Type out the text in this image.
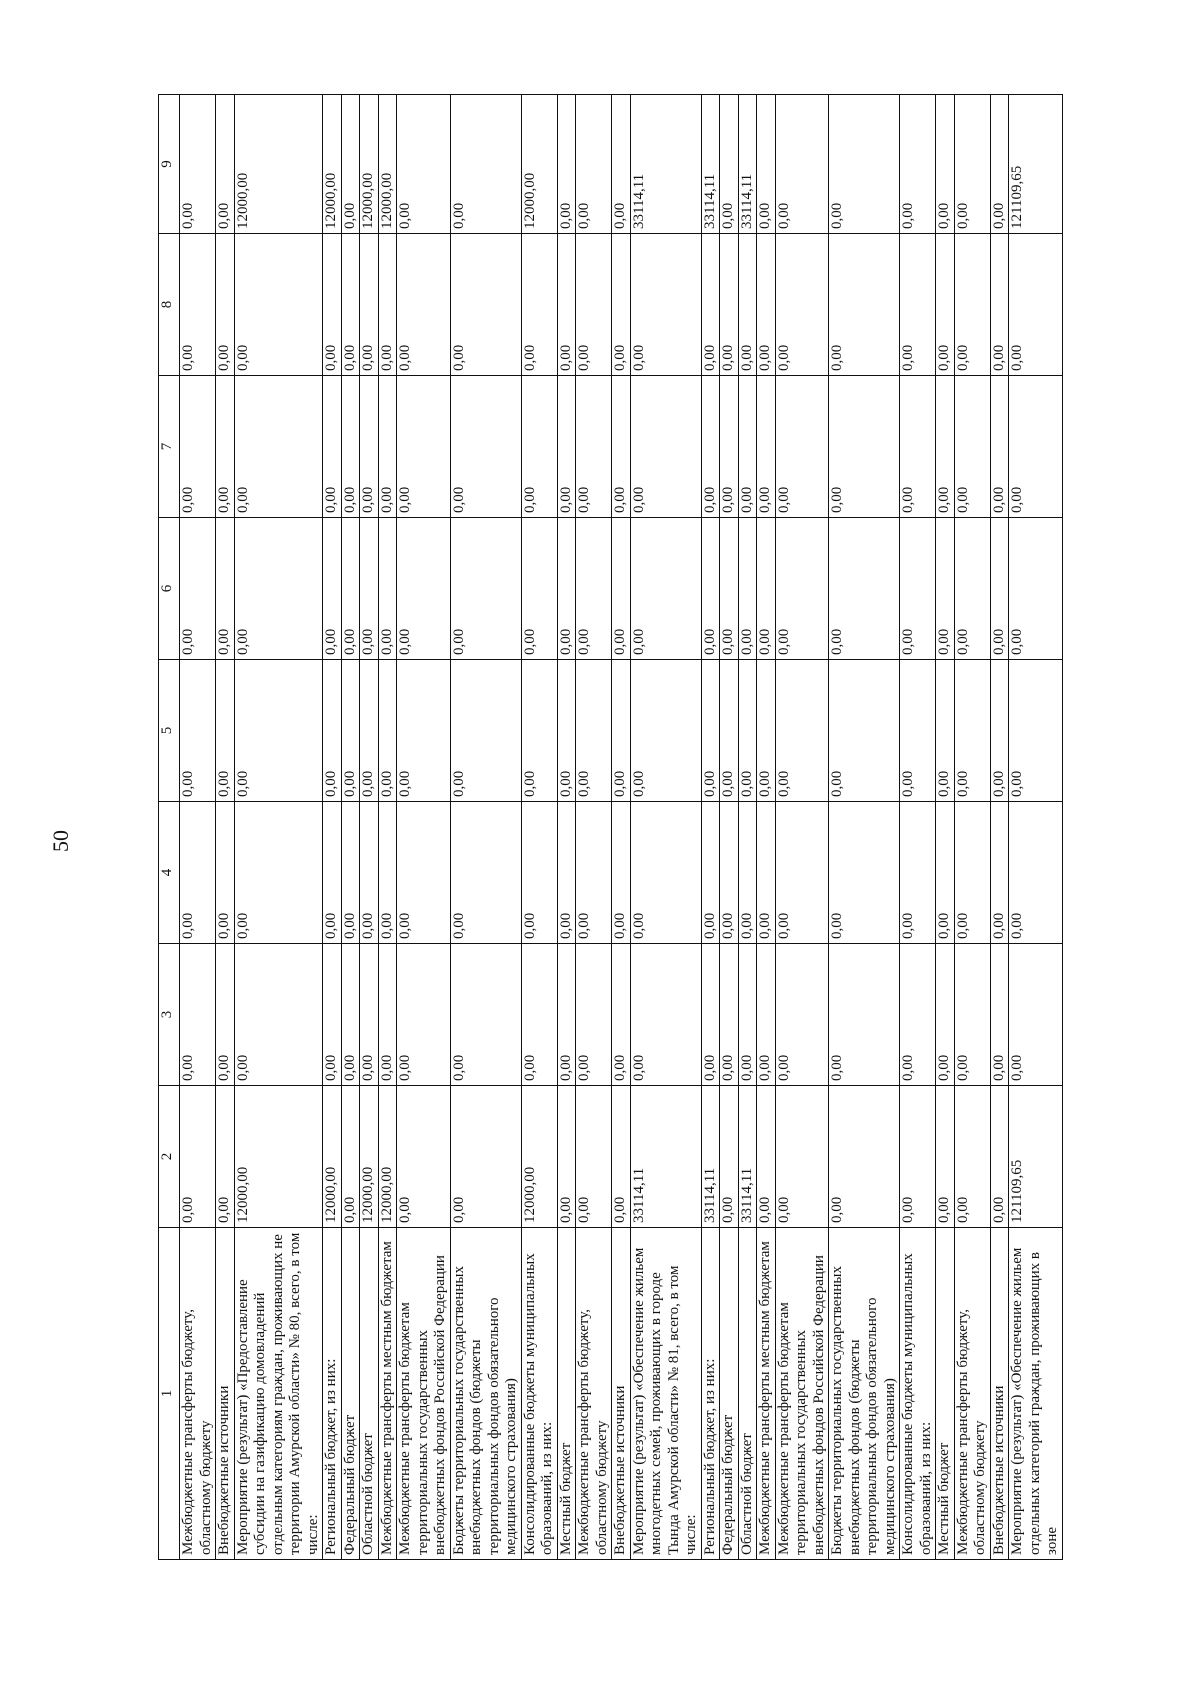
50
1	2	3	4	5	6	7	8	9
Межбюджетные трансферты бюджету, областному бюджету	0,00	0,00	0,00	0,00	0,00	0,00	0,00	0,00
Внебюджетные источники	0,00	0,00	0,00	0,00	0,00	0,00	0,00	0,00
Мероприятие (результат) «Предоставление субсидии на газификацию домовладений отдельным категориям граждан, проживающих не территории Амурской области» № 80, всего, в том числе:	12000,00	0,00	0,00	0,00	0,00	0,00	0,00	12000,00
Региональный бюджет, из них:	12000,00	0,00	0,00	0,00	0,00	0,00	0,00	12000,00
Федеральный бюджет	0,00	0,00	0,00	0,00	0,00	0,00	0,00	0,00
Областной бюджет	12000,00	0,00	0,00	0,00	0,00	0,00	0,00	12000,00
Межбюджетные трансферты местным бюджетам	12000,00	0,00	0,00	0,00	0,00	0,00	0,00	12000,00
Межбюджетные трансферты бюджетам территориальных государственных внебюджетных фондов Российской Федерации	0,00	0,00	0,00	0,00	0,00	0,00	0,00	0,00
Бюджеты территориальных государственных внебюджетных фондов (бюджеты территориальных фондов обязательного медицинского страхования)	0,00	0,00	0,00	0,00	0,00	0,00	0,00	0,00
Консолидированные бюджеты муниципальных образований, из них:	12000,00	0,00	0,00	0,00	0,00	0,00	0,00	12000,00
Местный бюджет	0,00	0,00	0,00	0,00	0,00	0,00	0,00	0,00
Межбюджетные трансферты бюджету, областному бюджету	0,00	0,00	0,00	0,00	0,00	0,00	0,00	0,00
Внебюджетные источники	0,00	0,00	0,00	0,00	0,00	0,00	0,00	0,00
Мероприятие (результат) «Обеспечение жильем многодетных семей, проживающих в городе Тында Амурской области» № 81, всего, в том числе:	33114,11	0,00	0,00	0,00	0,00	0,00	0,00	33114,11
Региональный бюджет, из них:	33114,11	0,00	0,00	0,00	0,00	0,00	0,00	33114,11
Федеральный бюджет	0,00	0,00	0,00	0,00	0,00	0,00	0,00	0,00
Областной бюджет	33114,11	0,00	0,00	0,00	0,00	0,00	0,00	33114,11
Межбюджетные трансферты местным бюджетам	0,00	0,00	0,00	0,00	0,00	0,00	0,00	0,00
Межбюджетные трансферты бюджетам территориальных государственных внебюджетных фондов Российской Федерации	0,00	0,00	0,00	0,00	0,00	0,00	0,00	0,00
Бюджеты территориальных государственных внебюджетных фондов (бюджеты территориальных фондов обязательного медицинского страхования)	0,00	0,00	0,00	0,00	0,00	0,00	0,00	0,00
Консолидированные бюджеты муниципальных образований, из них:	0,00	0,00	0,00	0,00	0,00	0,00	0,00	0,00
Местный бюджет	0,00	0,00	0,00	0,00	0,00	0,00	0,00	0,00
Межбюджетные трансферты бюджету, областному бюджету	0,00	0,00	0,00	0,00	0,00	0,00	0,00	0,00
Внебюджетные источники	0,00	0,00	0,00	0,00	0,00	0,00	0,00	0,00
Мероприятие (результат) «Обеспечение жильем отдельных категорий граждан, проживающих в зоне	121109,65	0,00	0,00	0,00	0,00	0,00	0,00	121109,65
